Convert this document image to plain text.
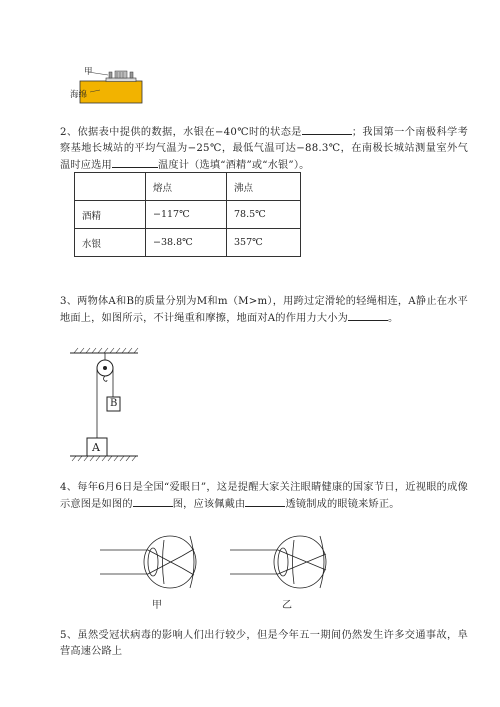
甲
海绵
2、依据表中提供的数据，水银在−40℃时的状态是	；我国第一个南极科学考察基地长城站的平均气温为−25℃，最低气温可达−88.3℃，在南极长城站测量室外气温时应选用	温度计（选填“酒精”或“水银”）。
	熔点	沸点
酒精	−117℃	78.5℃
水银	−38.8℃	357℃
3、两物体A和B的质量分别为M和m（M>m），用跨过定滑轮的轻绳相连，A静止在水平地面上，如图所示，不计绳重和摩擦，地面对A的作用力大小为	。
B
A
4、每年6月6日是全国“爱眼日”，这是提醒大家关注眼睛健康的国家节日，近视眼的成像示意图是如图的	图，应该佩戴由	透镜制成的眼镜来矫正。
甲	乙
5、虽然受冠状病毒的影响人们出行较少，但是今年五一期间仍然发生许多交通事故，阜营高速公路上
